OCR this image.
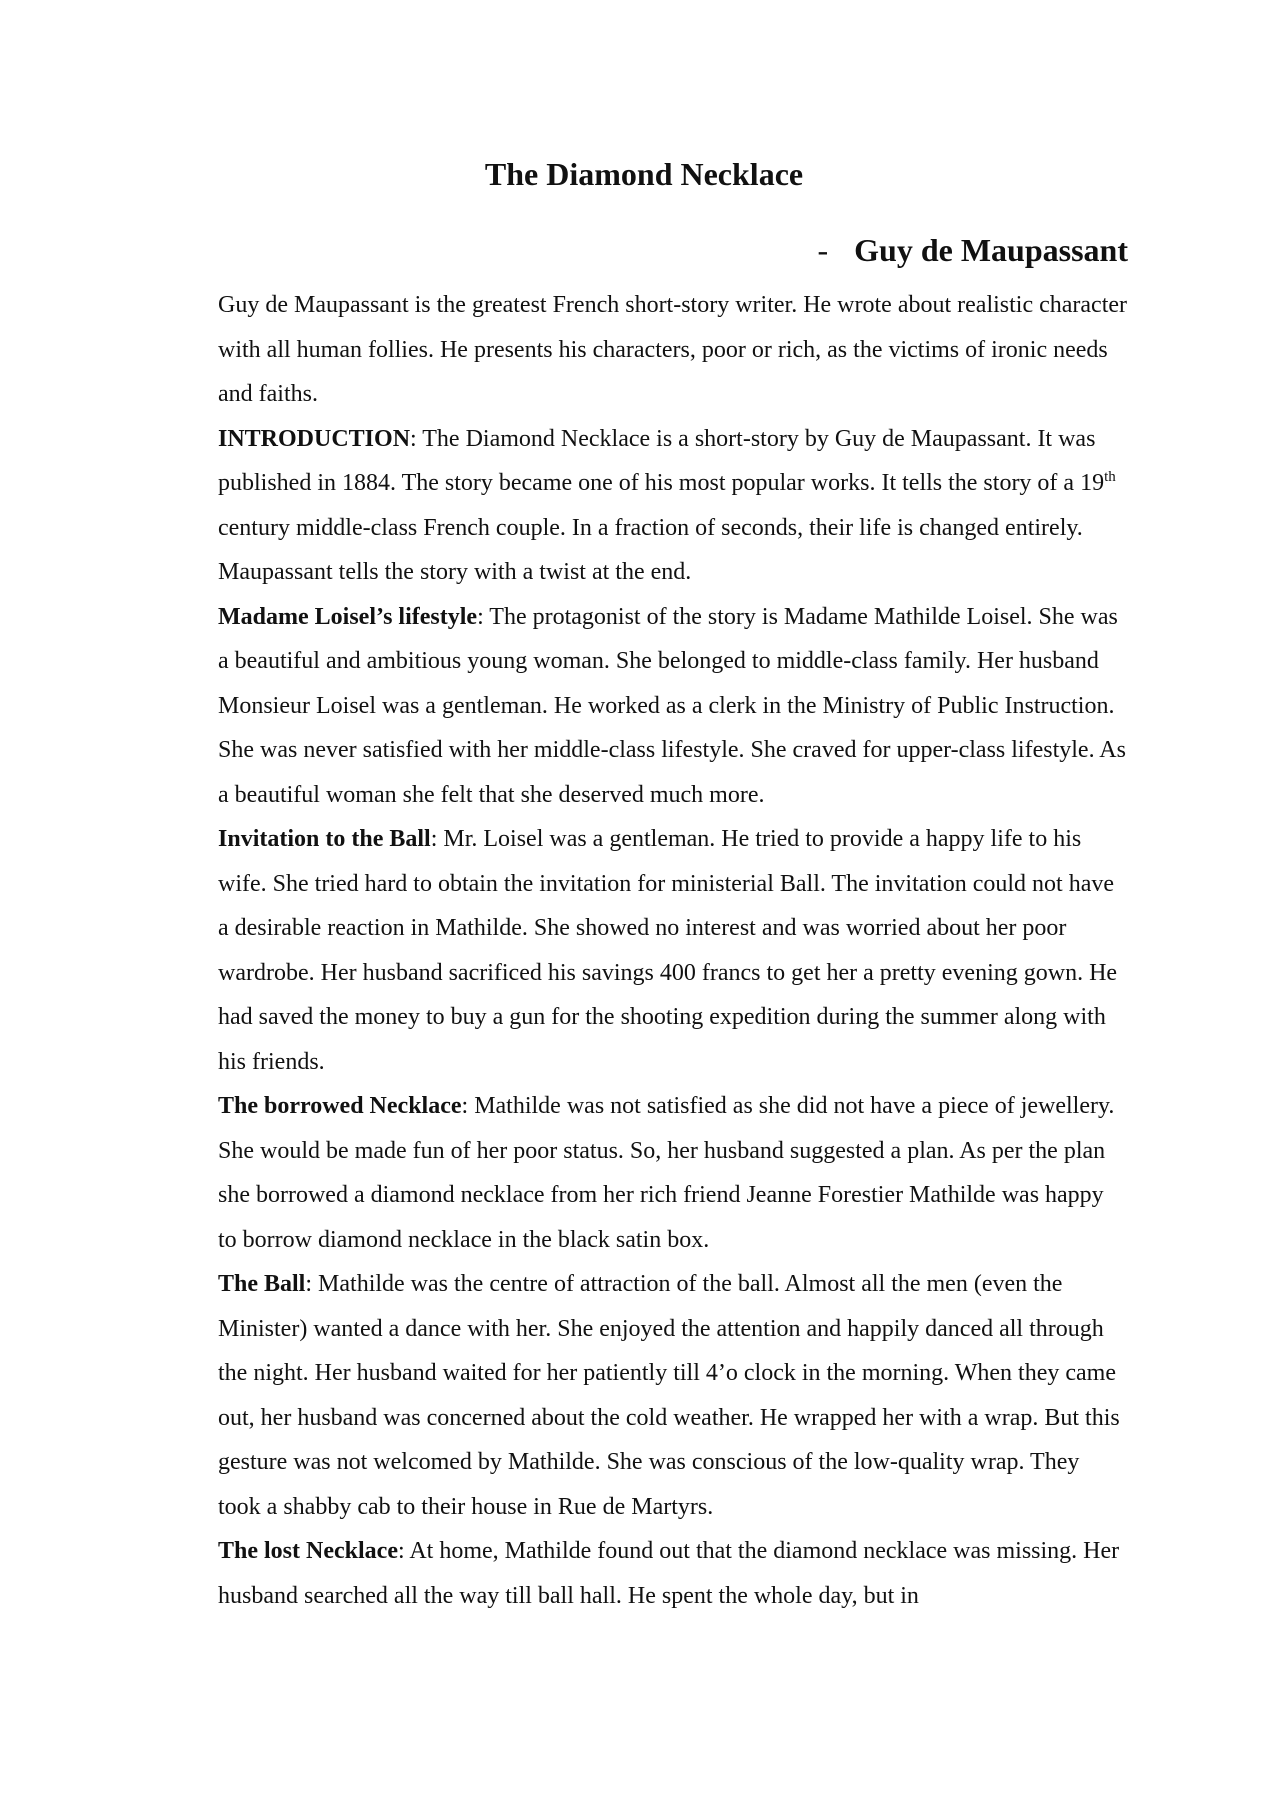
The Diamond Necklace
- Guy de Maupassant

Guy de Maupassant is the greatest French short-story writer. He wrote about realistic character with all human follies. He presents his characters, poor or rich, as the victims of ironic needs and faiths.

INTRODUCTION: The Diamond Necklace is a short-story by Guy de Maupassant. It was published in 1884. The story became one of his most popular works. It tells the story of a 19th century middle-class French couple. In a fraction of seconds, their life is changed entirely. Maupassant tells the story with a twist at the end.

Madame Loisel’s lifestyle: The protagonist of the story is Madame Mathilde Loisel. She was a beautiful and ambitious young woman. She belonged to middle-class family. Her husband Monsieur Loisel was a gentleman. He worked as a clerk in the Ministry of Public Instruction. She was never satisfied with her middle-class lifestyle. She craved for upper-class lifestyle. As a beautiful woman she felt that she deserved much more.

Invitation to the Ball: Mr. Loisel was a gentleman. He tried to provide a happy life to his wife. She tried hard to obtain the invitation for ministerial Ball. The invitation could not have a desirable reaction in Mathilde. She showed no interest and was worried about her poor wardrobe. Her husband sacrificed his savings 400 francs to get her a pretty evening gown. He had saved the money to buy a gun for the shooting expedition during the summer along with his friends.

The borrowed Necklace: Mathilde was not satisfied as she did not have a piece of jewellery. She would be made fun of her poor status. So, her husband suggested a plan. As per the plan she borrowed a diamond necklace from her rich friend Jeanne Forestier Mathilde was happy to borrow diamond necklace in the black satin box.

The Ball: Mathilde was the centre of attraction of the ball. Almost all the men (even the Minister) wanted a dance with her. She enjoyed the attention and happily danced all through the night. Her husband waited for her patiently till 4’o clock in the morning. When they came out, her husband was concerned about the cold weather. He wrapped her with a wrap. But this gesture was not welcomed by Mathilde. She was conscious of the low-quality wrap. They took a shabby cab to their house in Rue de Martyrs.

The lost Necklace: At home, Mathilde found out that the diamond necklace was missing. Her husband searched all the way till ball hall. He spent the whole day, but in
